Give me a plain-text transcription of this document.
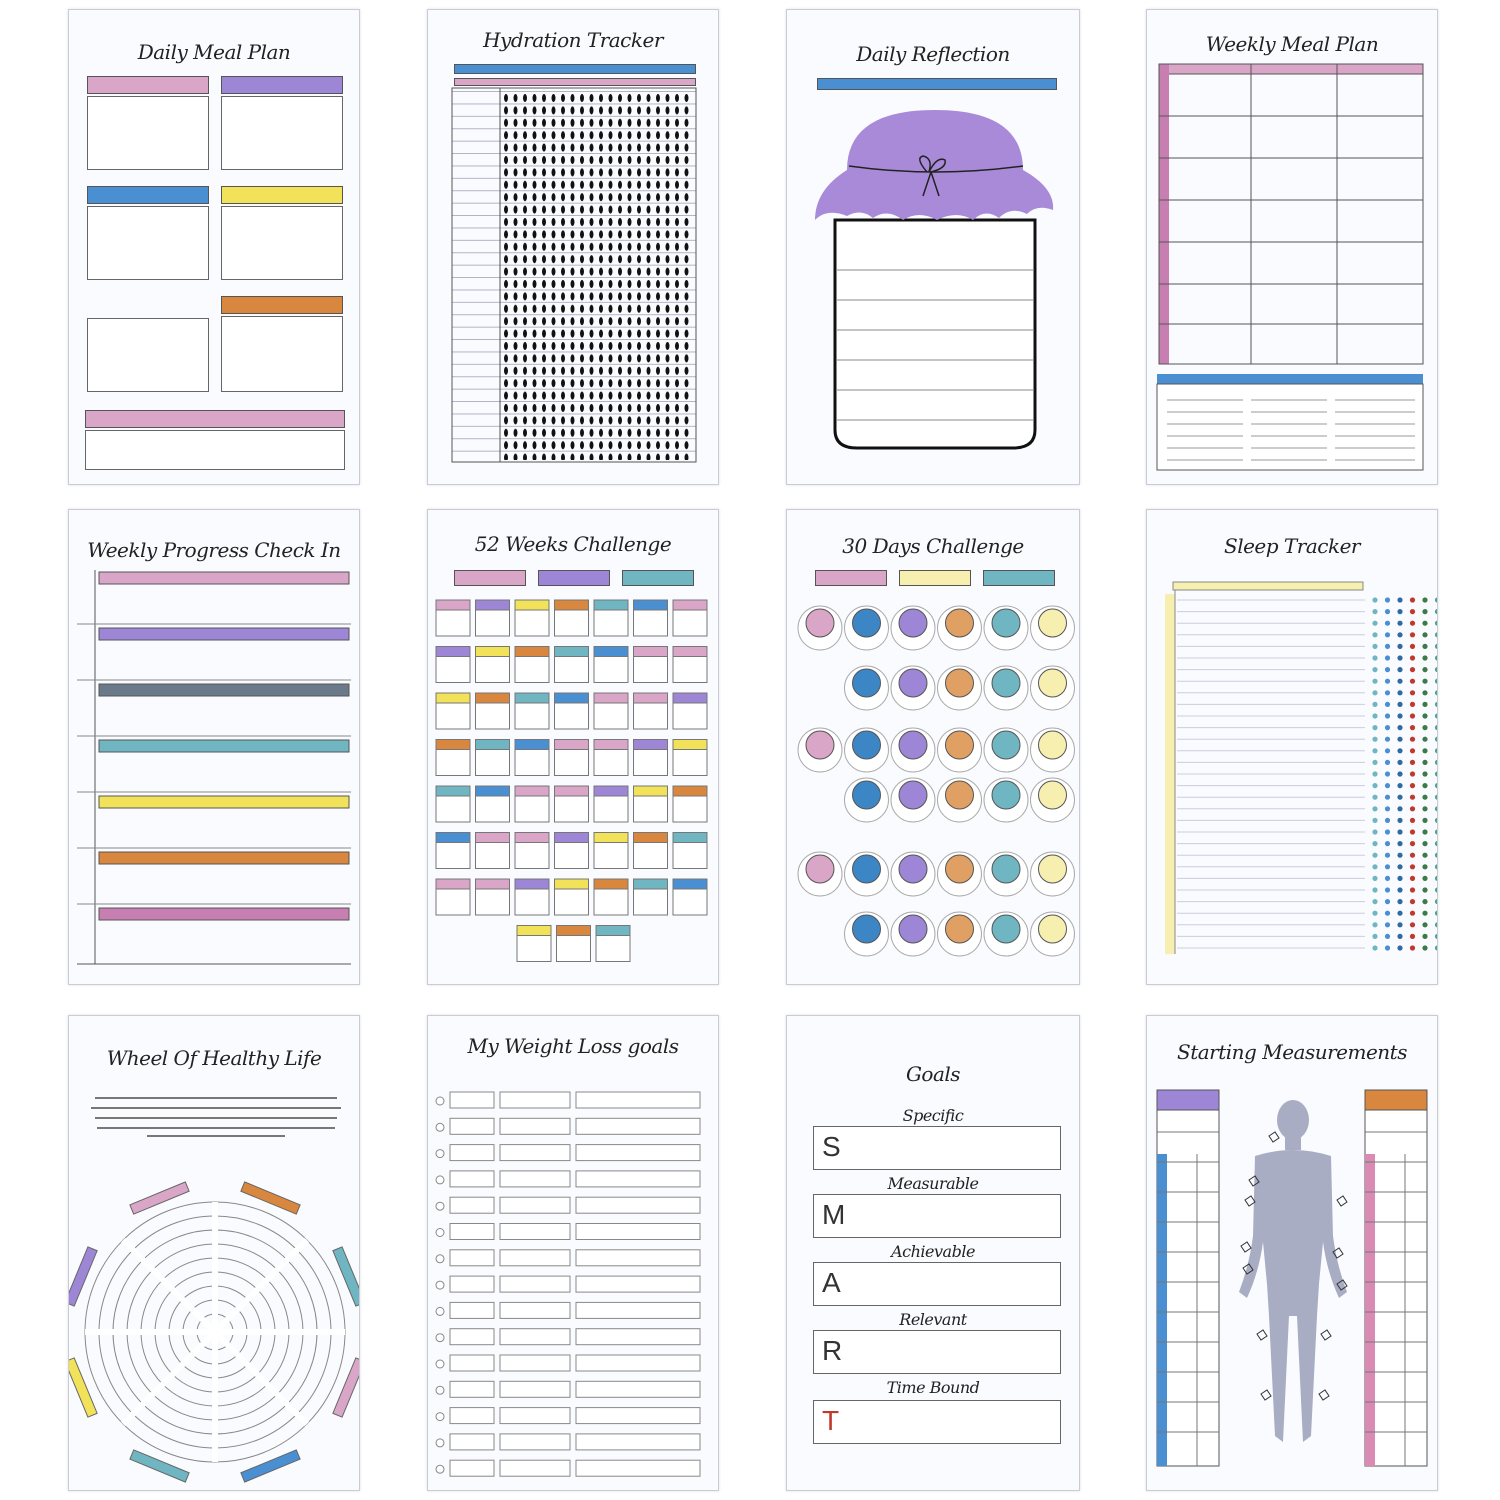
Daily Meal Plan	Hydration Tracker
Daily Reflection	Weekly Meal Plan
Weekly Progress Check In	52 Weeks Challenge	30 Days Challenge	Sleep Tracker
Wheel Of Healthy Life	My Weight Loss goals
Goals
Specific
S
Measurable
M
Achievable
A
Relevant
R
Time Bound
T
Starting Measurements
